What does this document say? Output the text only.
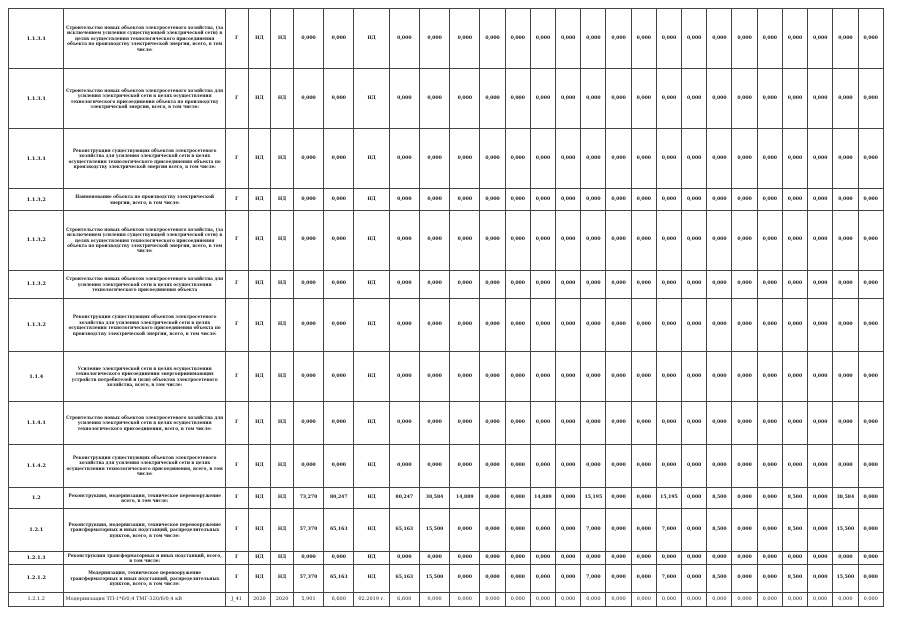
1.1.3.1	Строительство новых объектов электросетевого хозяйства, (за исключением усиления существующей электрической сети) в целях осуществления технологического присоединения объекта по производству электрической энергии, всего, в том числе:	Г	НД	НД	0,000	0,000	НД	0,000	0,000	0,000	0,000	0,000	0,000	0,000	0,000	0,000	0,000	0,000	0,000	0,000	0,000	0,000	0,000	0,000	0,000	0,000
1.1.3.1	Строительство новых объектов электросетевого хозяйства для усиления электрической сети в целях осуществления технологического присоединения объекта по производству электрической энергии, всего, в том числе:	Г	НД	НД	0,000	0,000	НД	0,000	0,000	0,000	0,000	0,000	0,000	0,000	0,000	0,000	0,000	0,000	0,000	0,000	0,000	0,000	0,000	0,000	0,000	0,000
1.1.3.1	Реконструкция существующих объектов электросетевого хозяйства для усиления электрической сети в целях осуществления технологического присоединения объекта по производству электрической энергии всего, в том числе:	Г	НД	НД	0,000	0,000	НД	0,000	0,000	0,000	0,000	0,000	0,000	0,000	0,000	0,000	0,000	0,000	0,000	0,000	0,000	0,000	0,000	0,000	0,000	0,000
1.1.3.2	Наименование объекта по производству электрической энергии, всего, в том числе:	Г	НД	НД	0,000	0,000	НД	0,000	0,000	0,000	0,000	0,000	0,000	0,000	0,000	0,000	0,000	0,000	0,000	0,000	0,000	0,000	0,000	0,000	0,000	0,000
1.1.3.2	Строительство новых объектов электросетевого хозяйства, (за исключением усиления существующей электрической сети) в целях осуществления технологического присоединения объекта по производству электрической энергии, всего, в том числе:	Г	НД	НД	0,000	0,000	НД	0,000	0,000	0,000	0,000	0,000	0,000	0,000	0,000	0,000	0,000	0,000	0,000	0,000	0,000	0,000	0,000	0,000	0,000	0,000
1.1.3.2	Строительство новых объектов электросетевого хозяйства для усиления электрической сети в целях осуществления технологического присоединения объекта	Г	НД	НД	0,000	0,000	НД	0,000	0,000	0,000	0,000	0,000	0,000	0,000	0,000	0,000	0,000	0,000	0,000	0,000	0,000	0,000	0,000	0,000	0,000	0,000
1.1.3.2	Реконструкция существующих объектов электросетевого хозяйства для усиления электрической сети в целях осуществления технологического присоединения объекта по производству электрической энергии, всего, в том числе:	Г	НД	НД	0,000	0,000	НД	0,000	0,000	0,000	0,000	0,000	0,000	0,000	0,000	0,000	0,000	0,000	0,000	0,000	0,000	0,000	0,000	0,000	0,000	0,000
1.1.4	Усиление электрической сети в целях осуществления технологического присоединения энергопринимающих устройств потребителей и (или) объектов электросетевого хозяйства, всего, в том числе:	Г	НД	НД	0,000	0,000	НД	0,000	0,000	0,000	0,000	0,000	0,000	0,000	0,000	0,000	0,000	0,000	0,000	0,000	0,000	0,000	0,000	0,000	0,000	0,000
1.1.4.1	Строительство новых объектов электросетевого хозяйства для усиления электрической сети в целях осуществления технологического присоединения, всего, в том числе:	Г	НД	НД	0,000	0,000	НД	0,000	0,000	0,000	0,000	0,000	0,000	0,000	0,000	0,000	0,000	0,000	0,000	0,000	0,000	0,000	0,000	0,000	0,000	0,000
1.1.4.2	Реконструкция существующих объектов электросетевого хозяйства для усиления электрической сети в целях осуществления технологического присоединения, всего, в том числе:	Г	НД	НД	0,000	0,000	НД	0,000	0,000	0,000	0,000	0,000	0,000	0,000	0,000	0,000	0,000	0,000	0,000	0,000	0,000	0,000	0,000	0,000	0,000	0,000
1.2	Реконструкция, модернизация, техническое перевооружение всего, в том числе:	Г	НД	НД	73,270	80,247	НД	80,247	38,584	14,889	0,000	0,000	14,889	0,000	15,195	0,000	0,000	15,195	0,000	8,500	0,000	0,000	8,500	0,000	38,584	0,000
1.2.1	Реконструкция, модернизация, техническое перевооружение трансформаторных и иных подстанций, распределительных пунктов, всего, в том числе:	Г	НД	НД	57,370	65,163	НД	65,163	15,500	0,000	0,000	0,000	0,000	0,000	7,000	0,000	0,000	7,000	0,000	8,500	0,000	0,000	8,500	0,000	15,500	0,000
1.2.1.1	Реконструкция трансформаторных и иных подстанций, всего, в том числе:	Г	НД	НД	0,000	0,000	НД	0,000	0,000	0,000	0,000	0,000	0,000	0,000	0,000	0,000	0,000	0,000	0,000	0,000	0,000	0,000	0,000	0,000	0,000	0,000
1.2.1.2	Модернизация, техническое перевооружение трансформаторных и иных подстанций, распределительных пунктов, всего, в том числе:	Г	НД	НД	57,370	65,163	НД	65,163	15,500	0,000	0,000	0,000	0,000	0,000	7,000	0,000	0,000	7,000	0,000	8,500	0,000	0,000	8,500	0,000	15,500	0,000
1.2.1.2	Модернизация ТП-1*6/0,4 ТМГ-320/6/0,4 кВ	J_41	2020	2020	5,901	6,600	02.2019 г.	6,600	0,000	0,000	0,000	0,000	0,000	0,000	0,000	0,000	0,000	0,000	0,000	0,000	0,000	0,000	0,000	0,000	0,000	0,000
